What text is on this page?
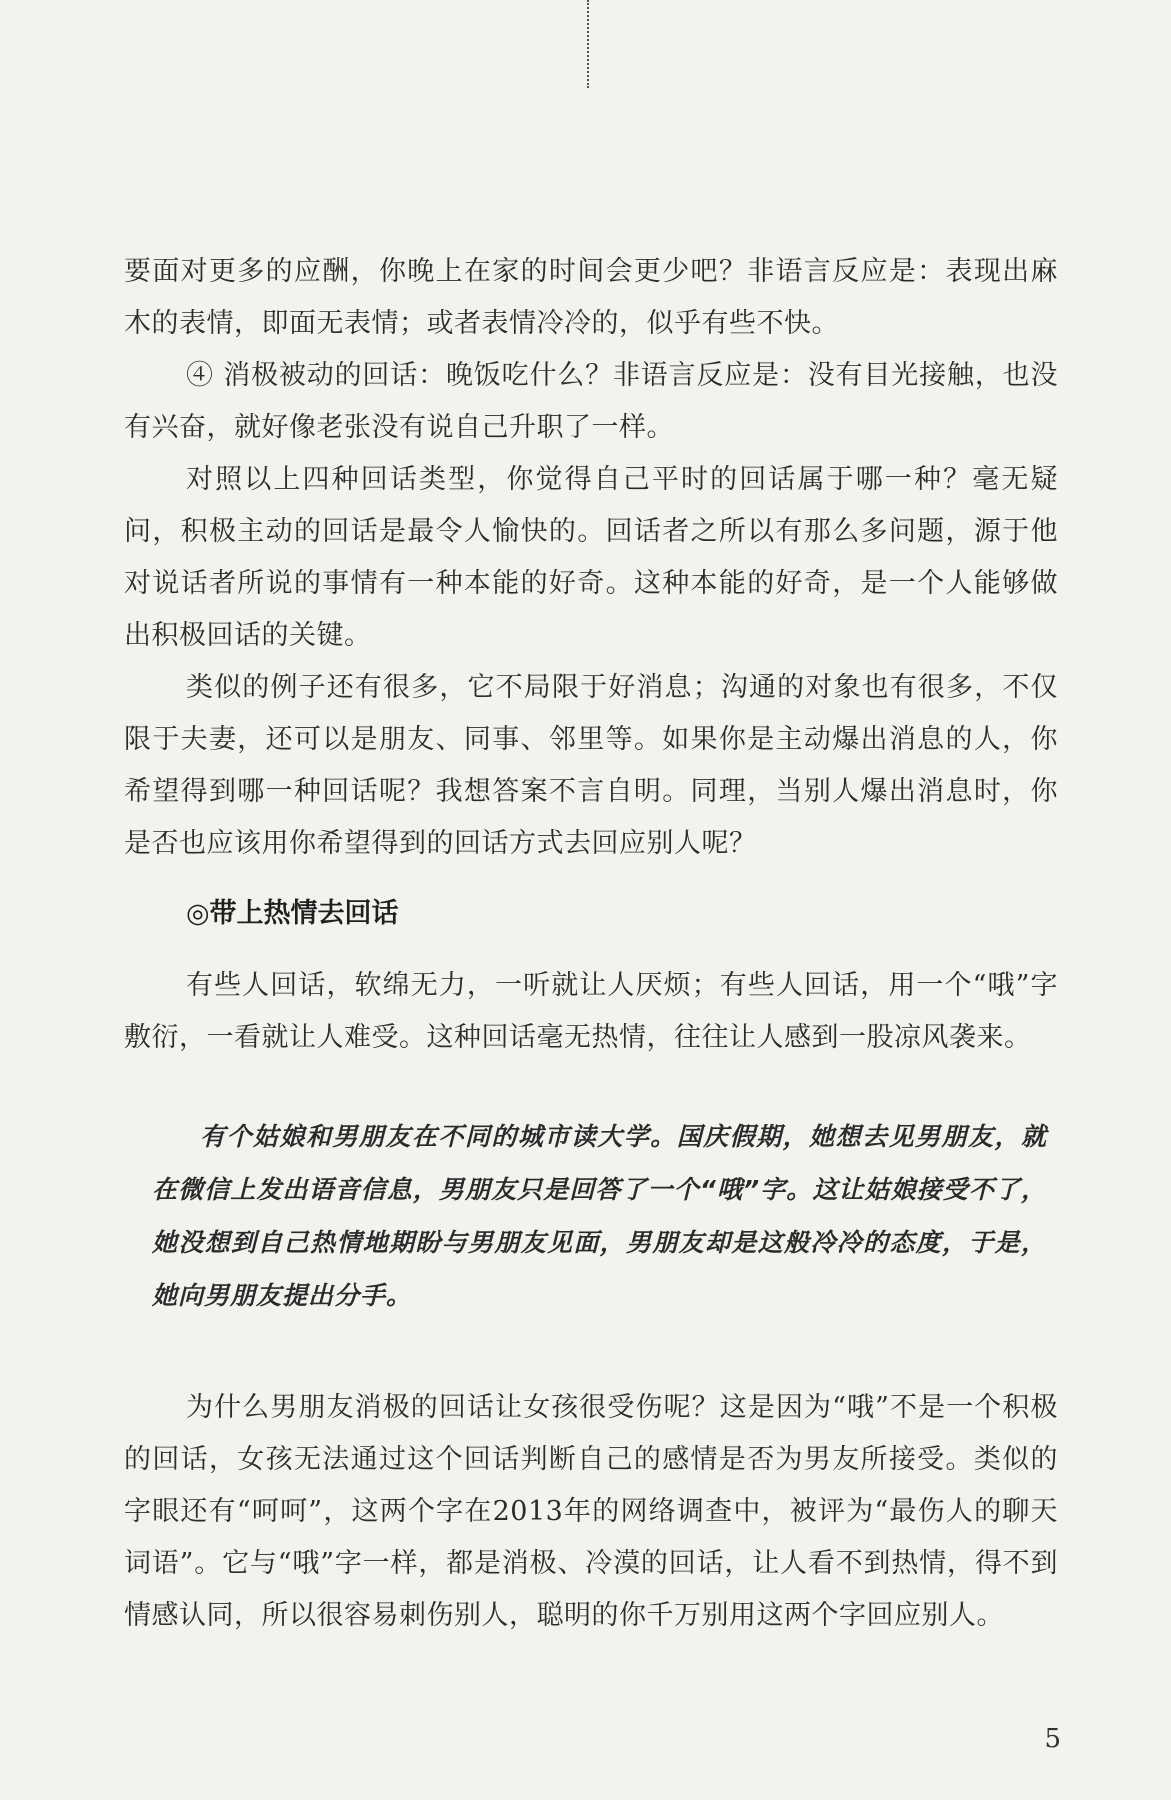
要面对更多的应酬，你晚上在家的时间会更少吧？非语言反应是：表现出麻木的表情，即面无表情；或者表情冷冷的，似乎有些不快。

④ 消极被动的回话：晚饭吃什么？非语言反应是：没有目光接触，也没有兴奋，就好像老张没有说自己升职了一样。

对照以上四种回话类型，你觉得自己平时的回话属于哪一种？毫无疑问，积极主动的回话是最令人愉快的。回话者之所以有那么多问题，源于他对说话者所说的事情有一种本能的好奇。这种本能的好奇，是一个人能够做出积极回话的关键。

类似的例子还有很多，它不局限于好消息；沟通的对象也有很多，不仅限于夫妻，还可以是朋友、同事、邻里等。如果你是主动爆出消息的人，你希望得到哪一种回话呢？我想答案不言自明。同理，当别人爆出消息时，你是否也应该用你希望得到的回话方式去回应别人呢？

◎带上热情去回话

有些人回话，软绵无力，一听就让人厌烦；有些人回话，用一个“哦”字敷衍，一看就让人难受。这种回话毫无热情，往往让人感到一股凉风袭来。

有个姑娘和男朋友在不同的城市读大学。国庆假期，她想去见男朋友，就在微信上发出语音信息，男朋友只是回答了一个“哦”字。这让姑娘接受不了，她没想到自己热情地期盼与男朋友见面，男朋友却是这般冷冷的态度，于是，她向男朋友提出分手。

为什么男朋友消极的回话让女孩很受伤呢？这是因为“哦”不是一个积极的回话，女孩无法通过这个回话判断自己的感情是否为男友所接受。类似的字眼还有“呵呵”，这两个字在2013年的网络调查中，被评为“最伤人的聊天词语”。它与“哦”字一样，都是消极、冷漠的回话，让人看不到热情，得不到情感认同，所以很容易刺伤别人，聪明的你千万别用这两个字回应别人。

5
